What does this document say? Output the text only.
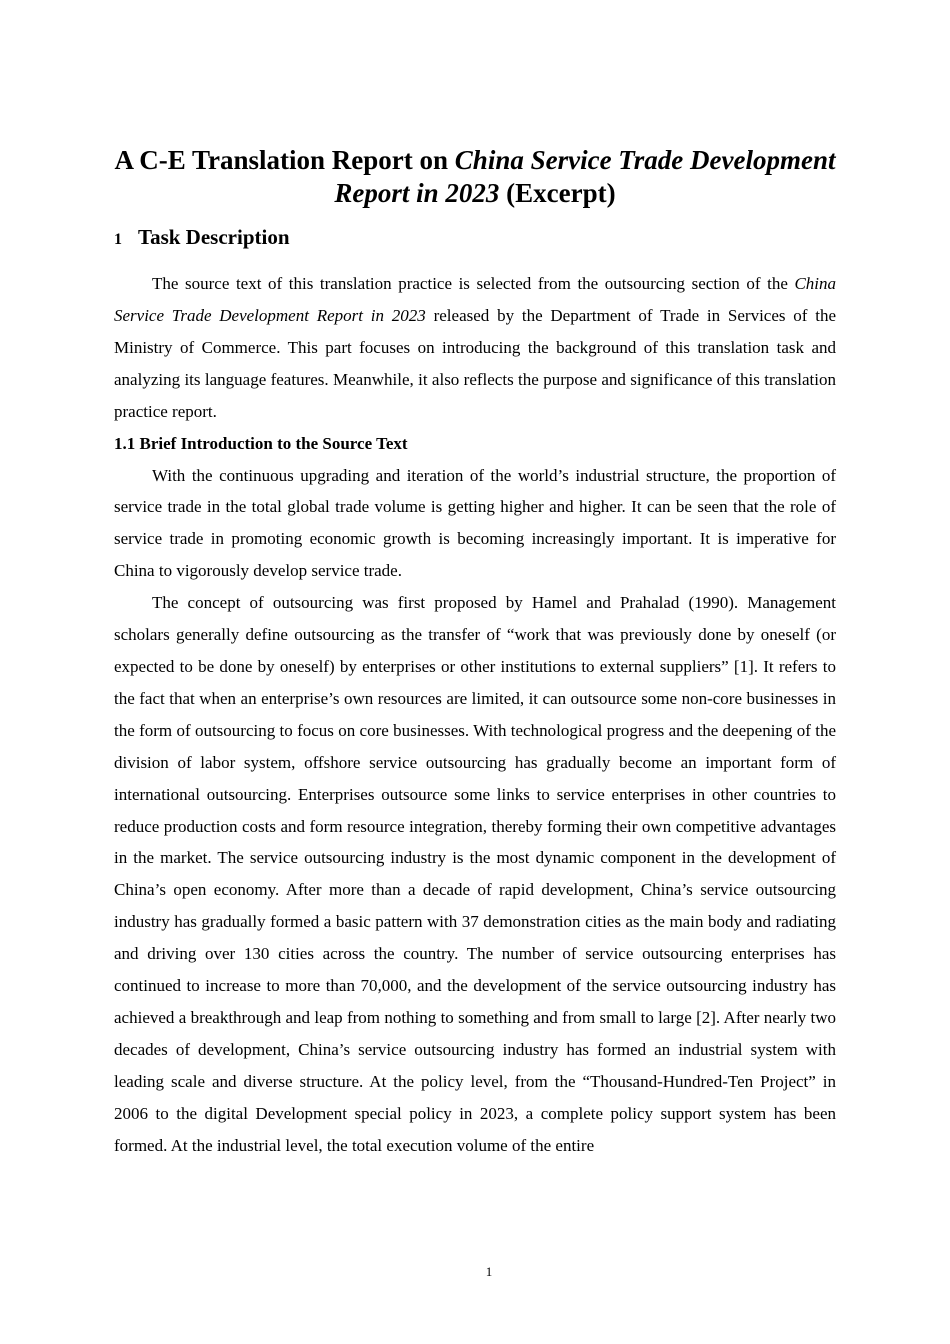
A C-E Translation Report on China Service Trade Development Report in 2023 (Excerpt)
1 Task Description

The source text of this translation practice is selected from the outsourcing section of the China Service Trade Development Report in 2023 released by the Department of Trade in Services of the Ministry of Commerce. This part focuses on introducing the background of this translation task and analyzing its language features. Meanwhile, it also reflects the purpose and significance of this translation practice report.

1.1 Brief Introduction to the Source Text

With the continuous upgrading and iteration of the world’s industrial structure, the proportion of service trade in the total global trade volume is getting higher and higher. It can be seen that the role of service trade in promoting economic growth is becoming increasingly important. It is imperative for China to vigorously develop service trade.

The concept of outsourcing was first proposed by Hamel and Prahalad (1990). Management scholars generally define outsourcing as the transfer of “work that was previously done by oneself (or expected to be done by oneself) by enterprises or other institutions to external suppliers” [1]. It refers to the fact that when an enterprise’s own resources are limited, it can outsource some non-core businesses in the form of outsourcing to focus on core businesses. With technological progress and the deepening of the division of labor system, offshore service outsourcing has gradually become an important form of international outsourcing. Enterprises outsource some links to service enterprises in other countries to reduce production costs and form resource integration, thereby forming their own competitive advantages in the market. The service outsourcing industry is the most dynamic component in the development of China’s open economy. After more than a decade of rapid development, China’s service outsourcing industry has gradually formed a basic pattern with 37 demonstration cities as the main body and radiating and driving over 130 cities across the country. The number of service outsourcing enterprises has continued to increase to more than 70,000, and the development of the service outsourcing industry has achieved a breakthrough and leap from nothing to something and from small to large [2]. After nearly two decades of development, China’s service outsourcing industry has formed an industrial system with leading scale and diverse structure. At the policy level, from the “Thousand-Hundred-Ten Project” in 2006 to the digital Development special policy in 2023, a complete policy support system has been formed. At the industrial level, the total execution volume of the entire

1
